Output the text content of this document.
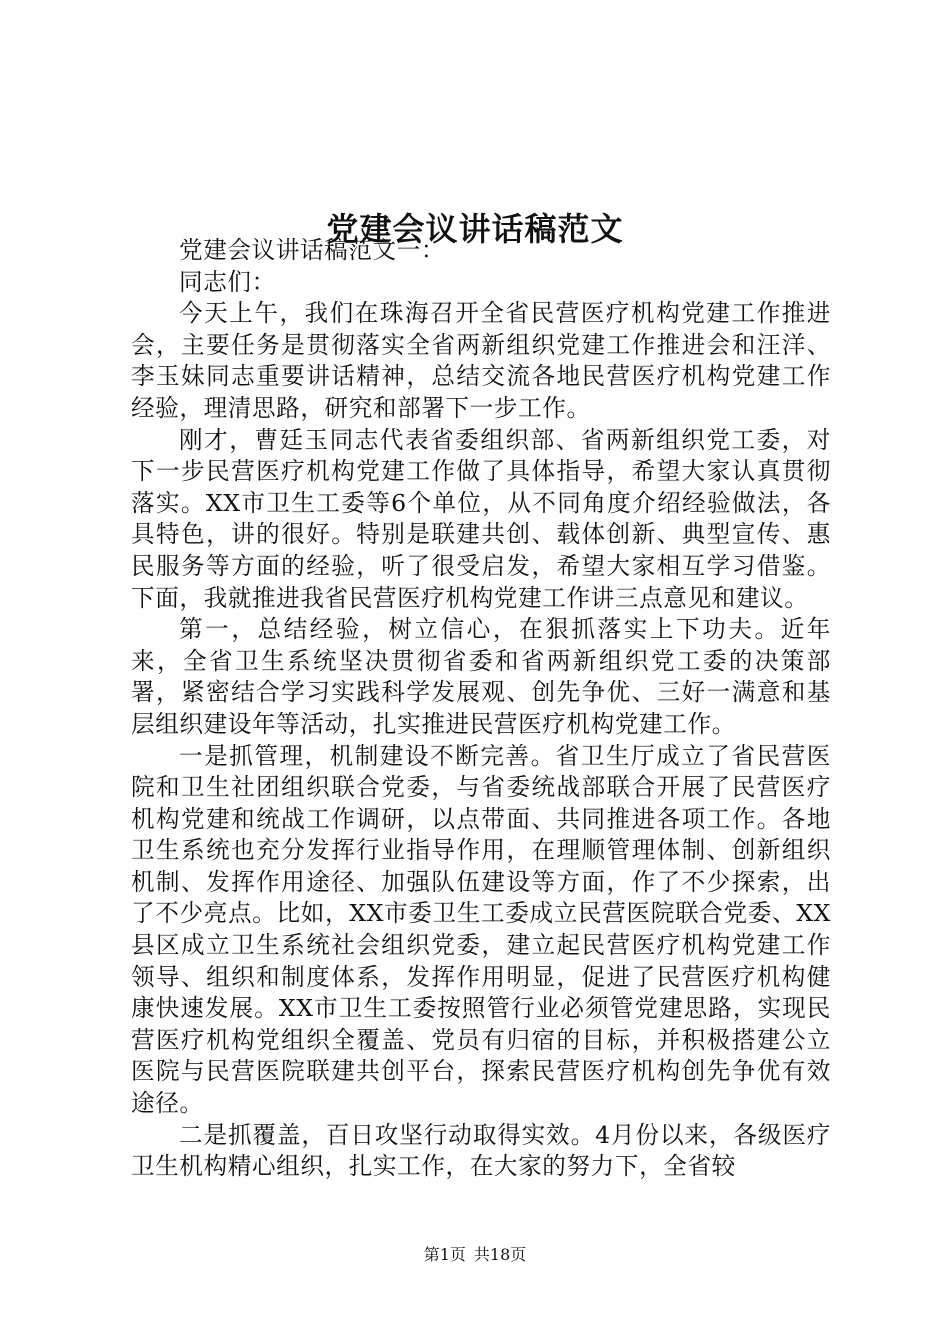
党建会议讲话稿范文

党建会议讲话稿范文一：

同志们：

今天上午，我们在珠海召开全省民营医疗机构党建工作推进会，主要任务是贯彻落实全省两新组织党建工作推进会和汪洋、李玉妹同志重要讲话精神，总结交流各地民营医疗机构党建工作经验，理清思路，研究和部署下一步工作。

刚才，曹廷玉同志代表省委组织部、省两新组织党工委，对下一步民营医疗机构党建工作做了具体指导，希望大家认真贯彻落实。XX市卫生工委等6个单位，从不同角度介绍经验做法，各具特色，讲的很好。特别是联建共创、载体创新、典型宣传、惠民服务等方面的经验，听了很受启发，希望大家相互学习借鉴。下面，我就推进我省民营医疗机构党建工作讲三点意见和建议。

第一，总结经验，树立信心，在狠抓落实上下功夫。近年来，全省卫生系统坚决贯彻省委和省两新组织党工委的决策部署，紧密结合学习实践科学发展观、创先争优、三好一满意和基层组织建设年等活动，扎实推进民营医疗机构党建工作。

一是抓管理，机制建设不断完善。省卫生厅成立了省民营医院和卫生社团组织联合党委，与省委统战部联合开展了民营医疗机构党建和统战工作调研，以点带面、共同推进各项工作。各地卫生系统也充分发挥行业指导作用，在理顺管理体制、创新组织机制、发挥作用途径、加强队伍建设等方面，作了不少探索，出了不少亮点。比如，XX市委卫生工委成立民营医院联合党委、XX县区成立卫生系统社会组织党委，建立起民营医疗机构党建工作领导、组织和制度体系，发挥作用明显，促进了民营医疗机构健康快速发展。XX市卫生工委按照管行业必须管党建思路，实现民营医疗机构党组织全覆盖、党员有归宿的目标，并积极搭建公立医院与民营医院联建共创平台，探索民营医疗机构创先争优有效途径。

二是抓覆盖，百日攻坚行动取得实效。4月份以来，各级医疗卫生机构精心组织，扎实工作，在大家的努力下，全省较

第1页 共18页
